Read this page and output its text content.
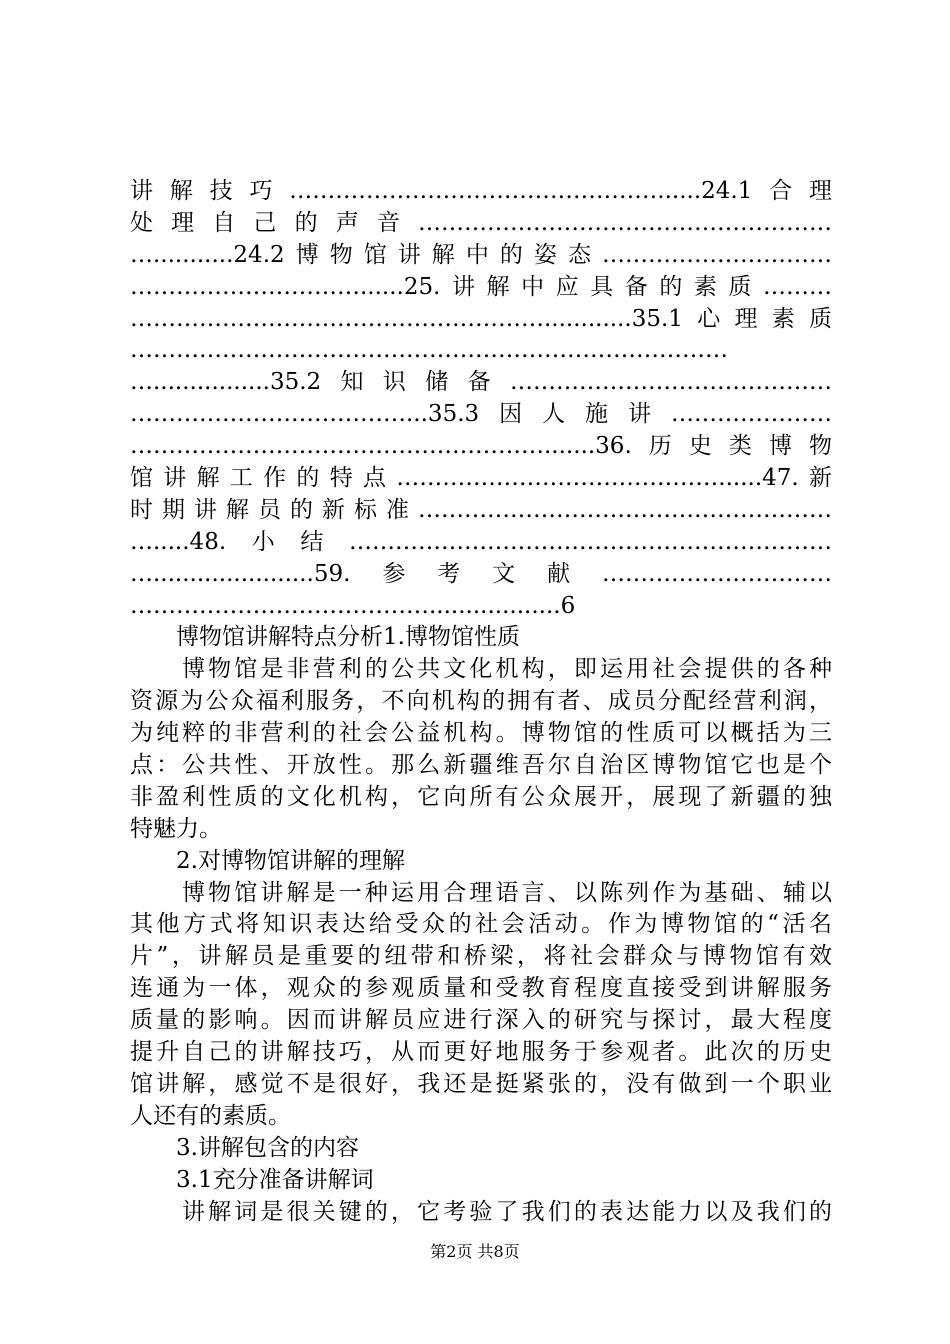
讲解技巧…………………………………………......24.1合理
处理自己的声音………………………………………………
…...........24.2博物馆讲解中的姿态…………………………
…………………………......25.讲解中应具备的素质………
………………………………………………............35.1心理素质
……………………………………………………………………
…................35.2知识储备……………………………………
………………………………...35.3因人施讲…………………
……………………………………………….......36.历史类博物
馆讲解工作的特点……………………………………......47.新
时期讲解员的新标准………………………………………………
….....48.小结………………………………………………………
…......................59.参考文献…………………………
…………………………………..................6
博物馆讲解特点分析1.博物馆性质
博物馆是非营利的公共文化机构，即运用社会提供的各种
资源为公众福利服务，不向机构的拥有者、成员分配经营利润，
为纯粹的非营利的社会公益机构。博物馆的性质可以概括为三
点：公共性、开放性。那么新疆维吾尔自治区博物馆它也是个
非盈利性质的文化机构，它向所有公众展开，展现了新疆的独
特魅力。
2.对博物馆讲解的理解
博物馆讲解是一种运用合理语言、以陈列作为基础、辅以
其他方式将知识表达给受众的社会活动。作为博物馆的“活名
片”，讲解员是重要的纽带和桥梁，将社会群众与博物馆有效
连通为一体，观众的参观质量和受教育程度直接受到讲解服务
质量的影响。因而讲解员应进行深入的研究与探讨，最大程度
提升自己的讲解技巧，从而更好地服务于参观者。此次的历史
馆讲解，感觉不是很好，我还是挺紧张的，没有做到一个职业
人还有的素质。
3.讲解包含的内容
3.1充分准备讲解词
讲解词是很关键的，它考验了我们的表达能力以及我们的
第2页 共8页
